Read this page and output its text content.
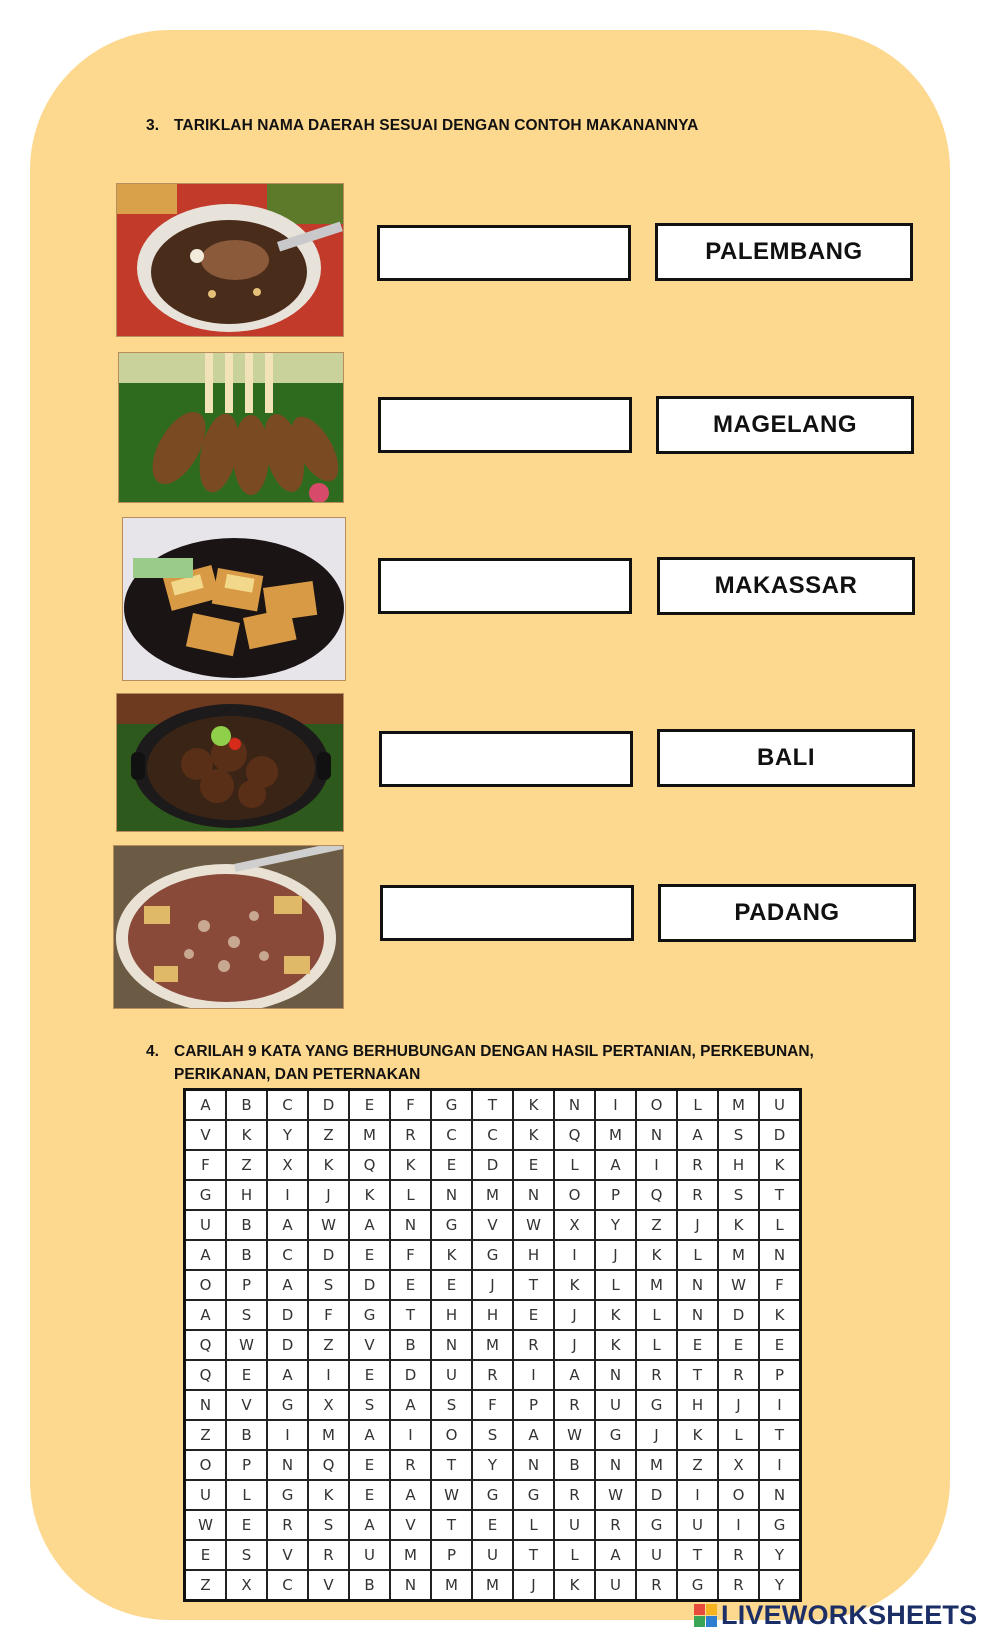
3. TARIKLAH NAMA DAERAH SESUAI DENGAN CONTOH MAKANANNYA
PALEMBANG
MAGELANG
MAKASSAR
BALI
PADANG
4. CARILAH 9 KATA YANG BERHUBUNGAN DENGAN HASIL PERTANIAN, PERKEBUNAN,
PERIKANAN, DAN PETERNAKAN
A	B	C	D	E	F	G	T	K	N	I	O	L	M	U
V	K	Y	Z	M	R	C	C	K	Q	M	N	A	S	D
F	Z	X	K	Q	K	E	D	E	L	A	I	R	H	K
G	H	I	J	K	L	N	M	N	O	P	Q	R	S	T
U	B	A	W	A	N	G	V	W	X	Y	Z	J	K	L
A	B	C	D	E	F	K	G	H	I	J	K	L	M	N
O	P	A	S	D	E	E	J	T	K	L	M	N	W	F
A	S	D	F	G	T	H	H	E	J	K	L	N	D	K
Q	W	D	Z	V	B	N	M	R	J	K	L	E	E	E
Q	E	A	I	E	D	U	R	I	A	N	R	T	R	P
N	V	G	X	S	A	S	F	P	R	U	G	H	J	I
Z	B	I	M	A	I	O	S	A	W	G	J	K	L	T
O	P	N	Q	E	R	T	Y	N	B	N	M	Z	X	I
U	L	G	K	E	A	W	G	G	R	W	D	I	O	N
W	E	R	S	A	V	T	E	L	U	R	G	U	I	G
E	S	V	R	U	M	P	U	T	L	A	U	T	R	Y
Z	X	C	V	B	N	M	M	J	K	U	R	G	R	Y
LIVEWORKSHEETS
